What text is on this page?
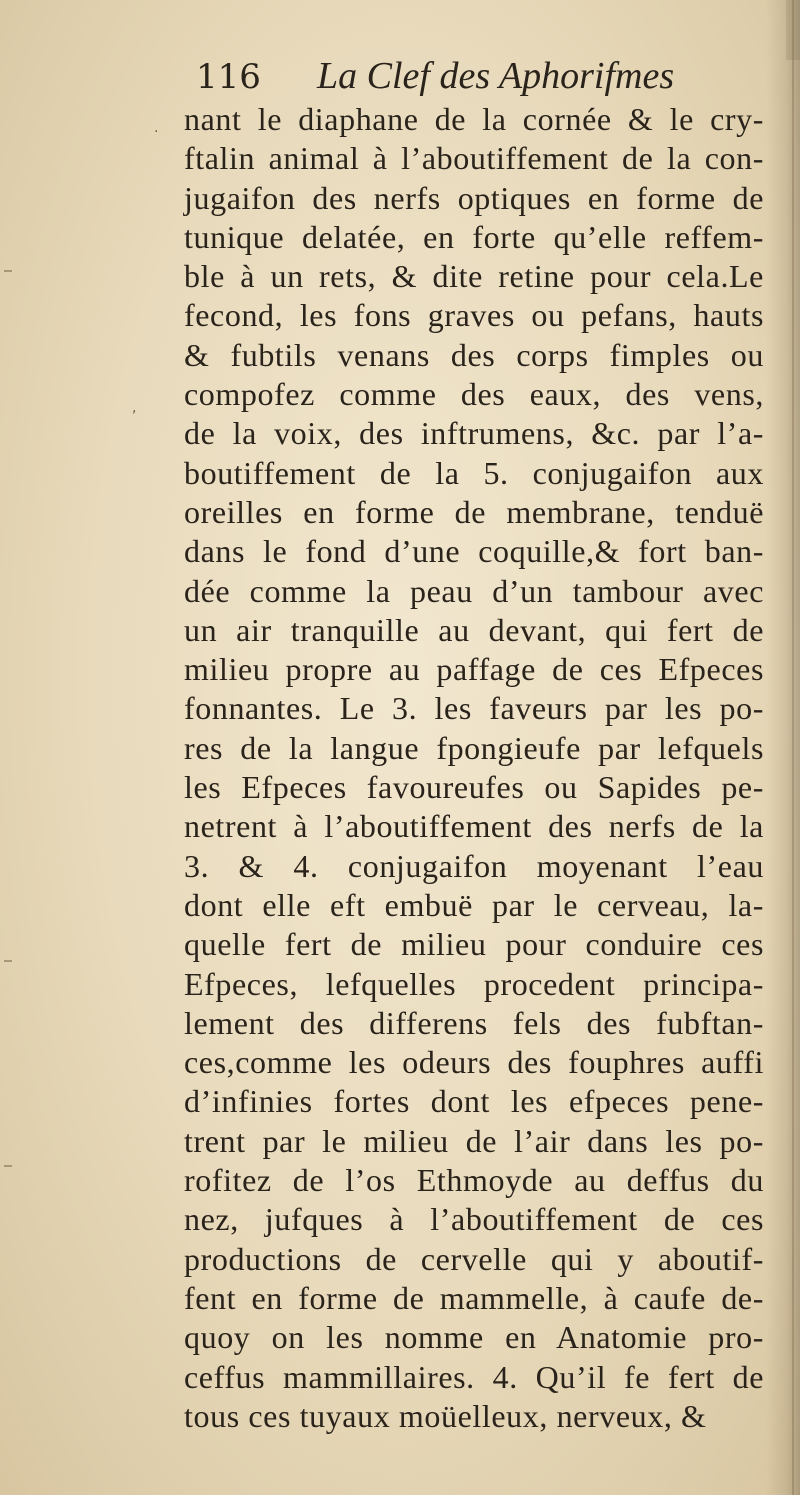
116 La Clef des Aphorifmes
nant le diaphane de la cornée & le cry-
ftalin animal à l’aboutiffement de la con-
jugaifon des nerfs optiques en forme de
tunique delatée, en forte qu’elle reffem-
ble à un rets, & dite retine pour cela.Le
fecond, les fons graves ou pefans, hauts
& fubtils venans des corps fimples ou
compofez comme des eaux, des vens,
de la voix, des inftrumens, &c. par l’a-
boutiffement de la 5. conjugaifon aux
oreilles en forme de membrane, tenduë
dans le fond d’une coquille,& fort ban-
dée comme la peau d’un tambour avec
un air tranquille au devant, qui fert de
milieu propre au paffage de ces Efpeces
fonnantes. Le 3. les faveurs par les po-
res de la langue fpongieufe par lefquels
les Efpeces favoureufes ou Sapides pe-
netrent à l’aboutiffement des nerfs de la
3. & 4. conjugaifon moyenant l’eau
dont elle eft embuë par le cerveau, la-
quelle fert de milieu pour conduire ces
Efpeces, lefquelles procedent principa-
lement des differens fels des fubftan-
ces,comme les odeurs des fouphres auffi
d’infinies fortes dont les efpeces pene-
trent par le milieu de l’air dans les po-
rofitez de l’os Ethmoyde au deffus du
nez, jufques à l’aboutiffement de ces
productions de cervelle qui y aboutif-
fent en forme de mammelle, à caufe de-
quoy on les nomme en Anatomie pro-
ceffus mammillaires. 4. Qu’il fe fert de
tous ces tuyaux moüelleux, nerveux, &
·
,
